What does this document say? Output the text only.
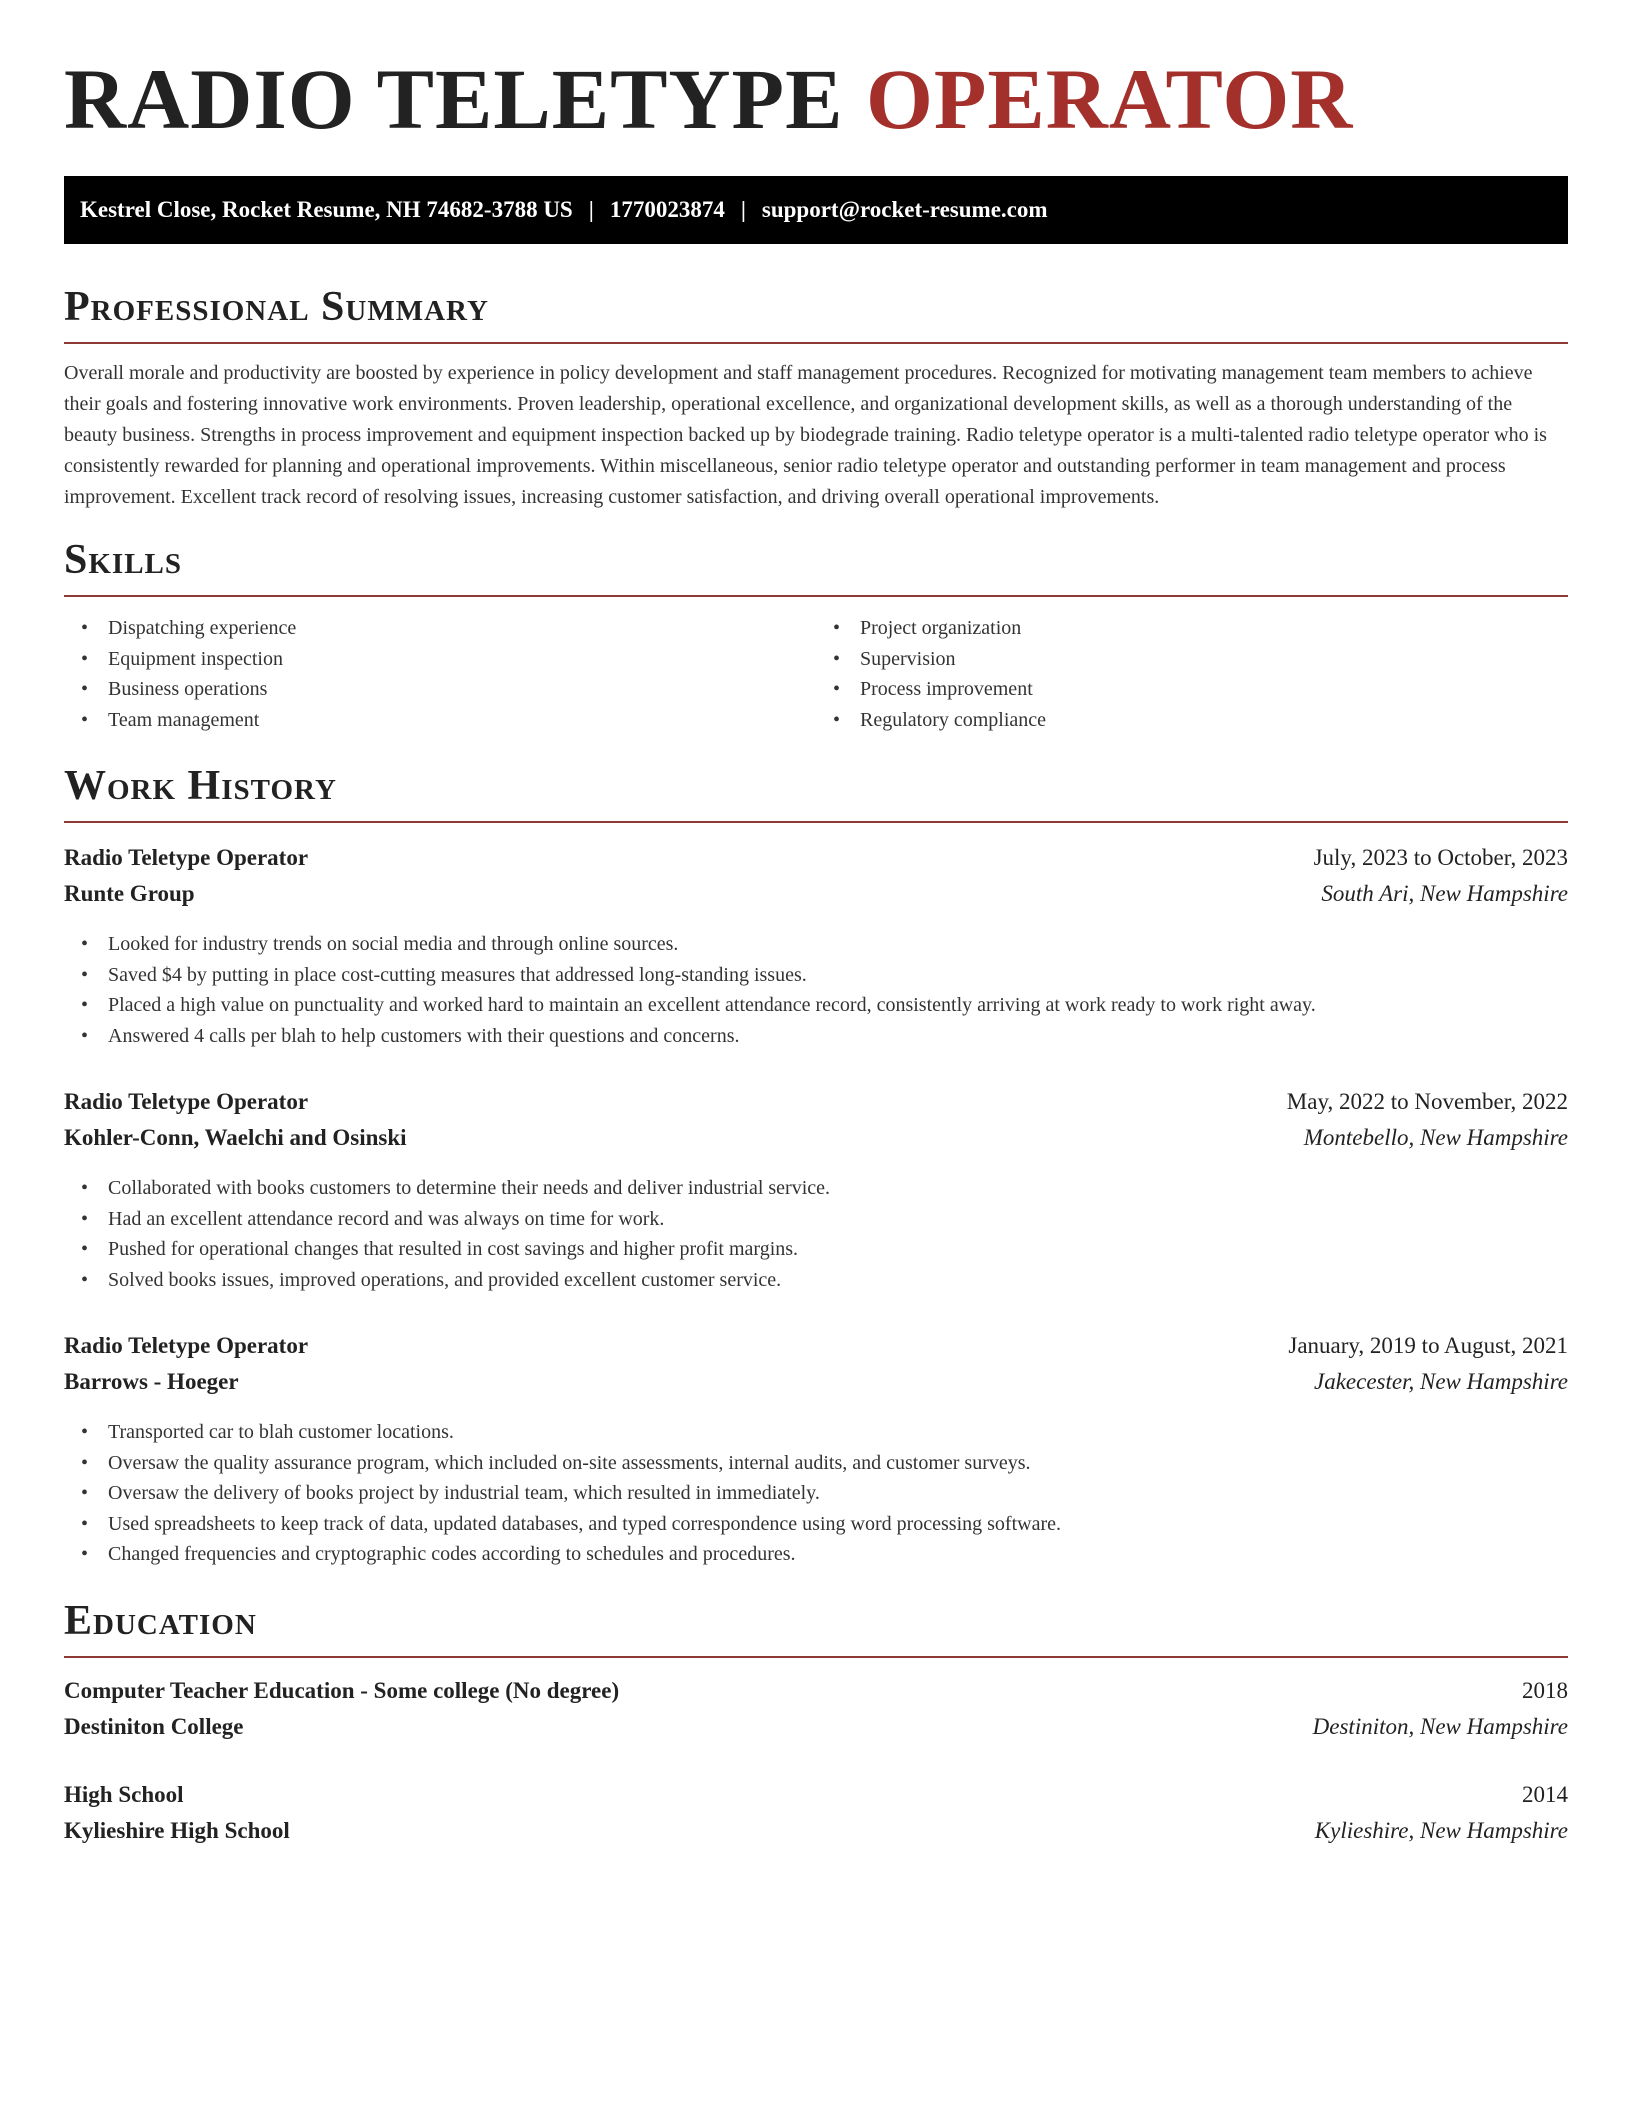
RADIO TELETYPE OPERATOR
Kestrel Close, Rocket Resume, NH 74682-3788 US | 1770023874 | support@rocket-resume.com
Professional Summary

Overall morale and productivity are boosted by experience in policy development and staff management procedures. Recognized for motivating management team members to achieve their goals and fostering innovative work environments. Proven leadership, operational excellence, and organizational development skills, as well as a thorough understanding of the beauty business. Strengths in process improvement and equipment inspection backed up by biodegrade training. Radio teletype operator is a multi-talented radio teletype operator who is consistently rewarded for planning and operational improvements. Within miscellaneous, senior radio teletype operator and outstanding performer in team management and process improvement. Excellent track record of resolving issues, increasing customer satisfaction, and driving overall operational improvements.

Skills
• Dispatching experience
• Equipment inspection
• Business operations
• Team management
• Project organization
• Supervision
• Process improvement
• Regulatory compliance
Work History
Radio Teletype Operator	July, 2023 to October, 2023
Runte Group	South Ari, New Hampshire
• Looked for industry trends on social media and through online sources.
• Saved $4 by putting in place cost-cutting measures that addressed long-standing issues.
• Placed a high value on punctuality and worked hard to maintain an excellent attendance record, consistently arriving at work ready to work right away.
• Answered 4 calls per blah to help customers with their questions and concerns.
Radio Teletype Operator	May, 2022 to November, 2022
Kohler-Conn, Waelchi and Osinski	Montebello, New Hampshire
• Collaborated with books customers to determine their needs and deliver industrial service.
• Had an excellent attendance record and was always on time for work.
• Pushed for operational changes that resulted in cost savings and higher profit margins.
• Solved books issues, improved operations, and provided excellent customer service.
Radio Teletype Operator	January, 2019 to August, 2021
Barrows - Hoeger	Jakecester, New Hampshire
• Transported car to blah customer locations.
• Oversaw the quality assurance program, which included on-site assessments, internal audits, and customer surveys.
• Oversaw the delivery of books project by industrial team, which resulted in immediately.
• Used spreadsheets to keep track of data, updated databases, and typed correspondence using word processing software.
• Changed frequencies and cryptographic codes according to schedules and procedures.
Education
Computer Teacher Education - Some college (No degree)	2018
Destiniton College	Destiniton, New Hampshire
High School	2014
Kylieshire High School	Kylieshire, New Hampshire
